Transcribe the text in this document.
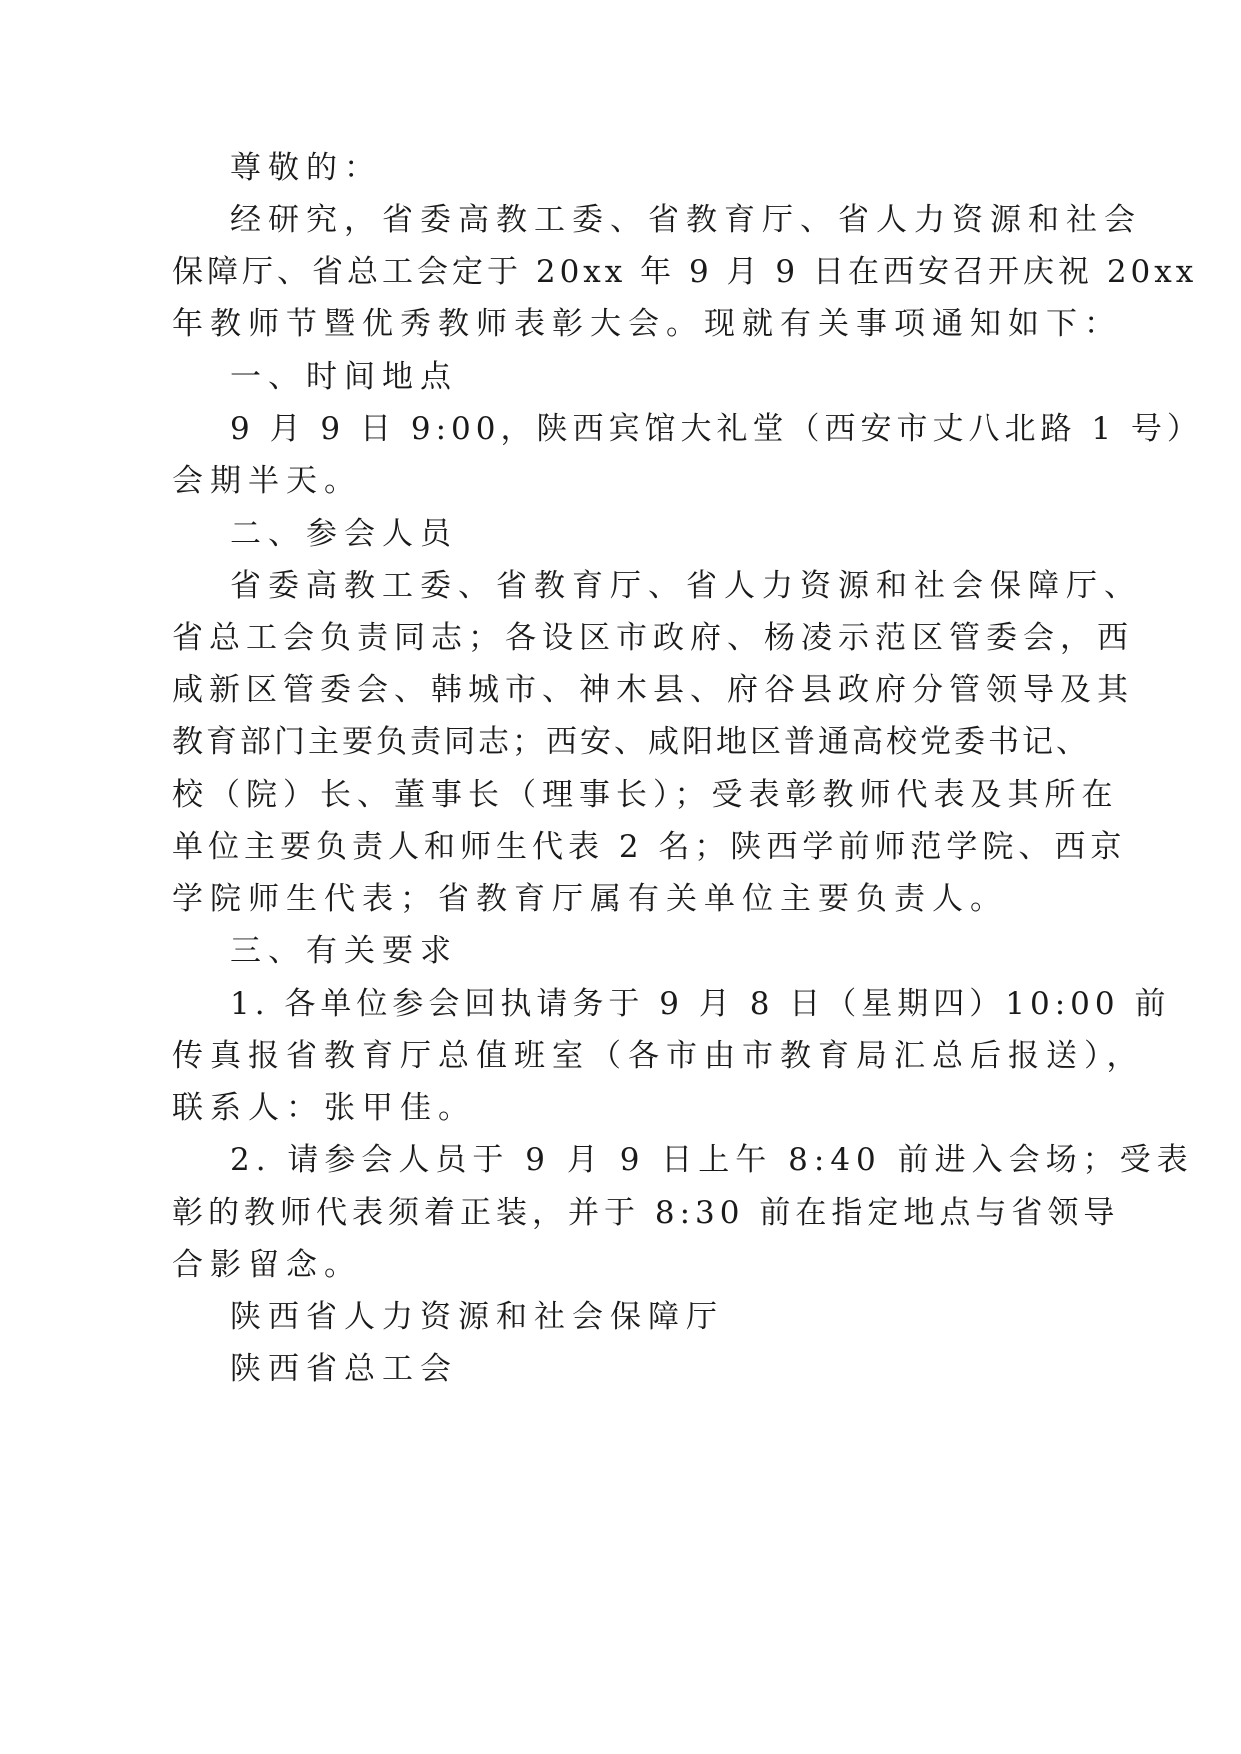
尊敬的：
经研究，省委高教工委、省教育厅、省人力资源和社会
保障厅、省总工会定于 20xx 年 9 月 9 日在西安召开庆祝 20xx
年教师节暨优秀教师表彰大会。现就有关事项通知如下：
一、时间地点
9 月 9 日 9:00，陕西宾馆大礼堂（西安市丈八北路 1 号）
会期半天。
二、参会人员
省委高教工委、省教育厅、省人力资源和社会保障厅、
省总工会负责同志；各设区市政府、杨凌示范区管委会，西
咸新区管委会、韩城市、神木县、府谷县政府分管领导及其
教育部门主要负责同志；西安、咸阳地区普通高校党委书记、
校（院）长、董事长（理事长）；受表彰教师代表及其所在
单位主要负责人和师生代表 2 名；陕西学前师范学院、西京
学院师生代表；省教育厅属有关单位主要负责人。
三、有关要求
1. 各单位参会回执请务于 9 月 8 日（星期四）10:00 前
传真报省教育厅总值班室（各市由市教育局汇总后报送），
联系人：张甲佳。
2. 请参会人员于 9 月 9 日上午 8:40 前进入会场；受表
彰的教师代表须着正装，并于 8:30 前在指定地点与省领导
合影留念。
陕西省人力资源和社会保障厅
陕西省总工会
